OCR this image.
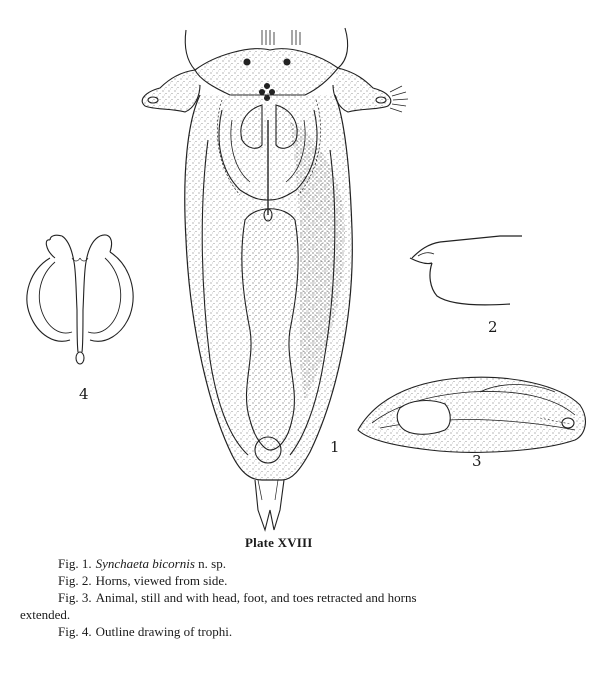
1
2
3
4
Plate XVIII
Fig. 1. Synchaeta bicornis n. sp.
Fig. 2. Horns, viewed from side.
Fig. 3. Animal, still and with head, foot, and toes retracted and horns
extended.
Fig. 4. Outline drawing of trophi.
